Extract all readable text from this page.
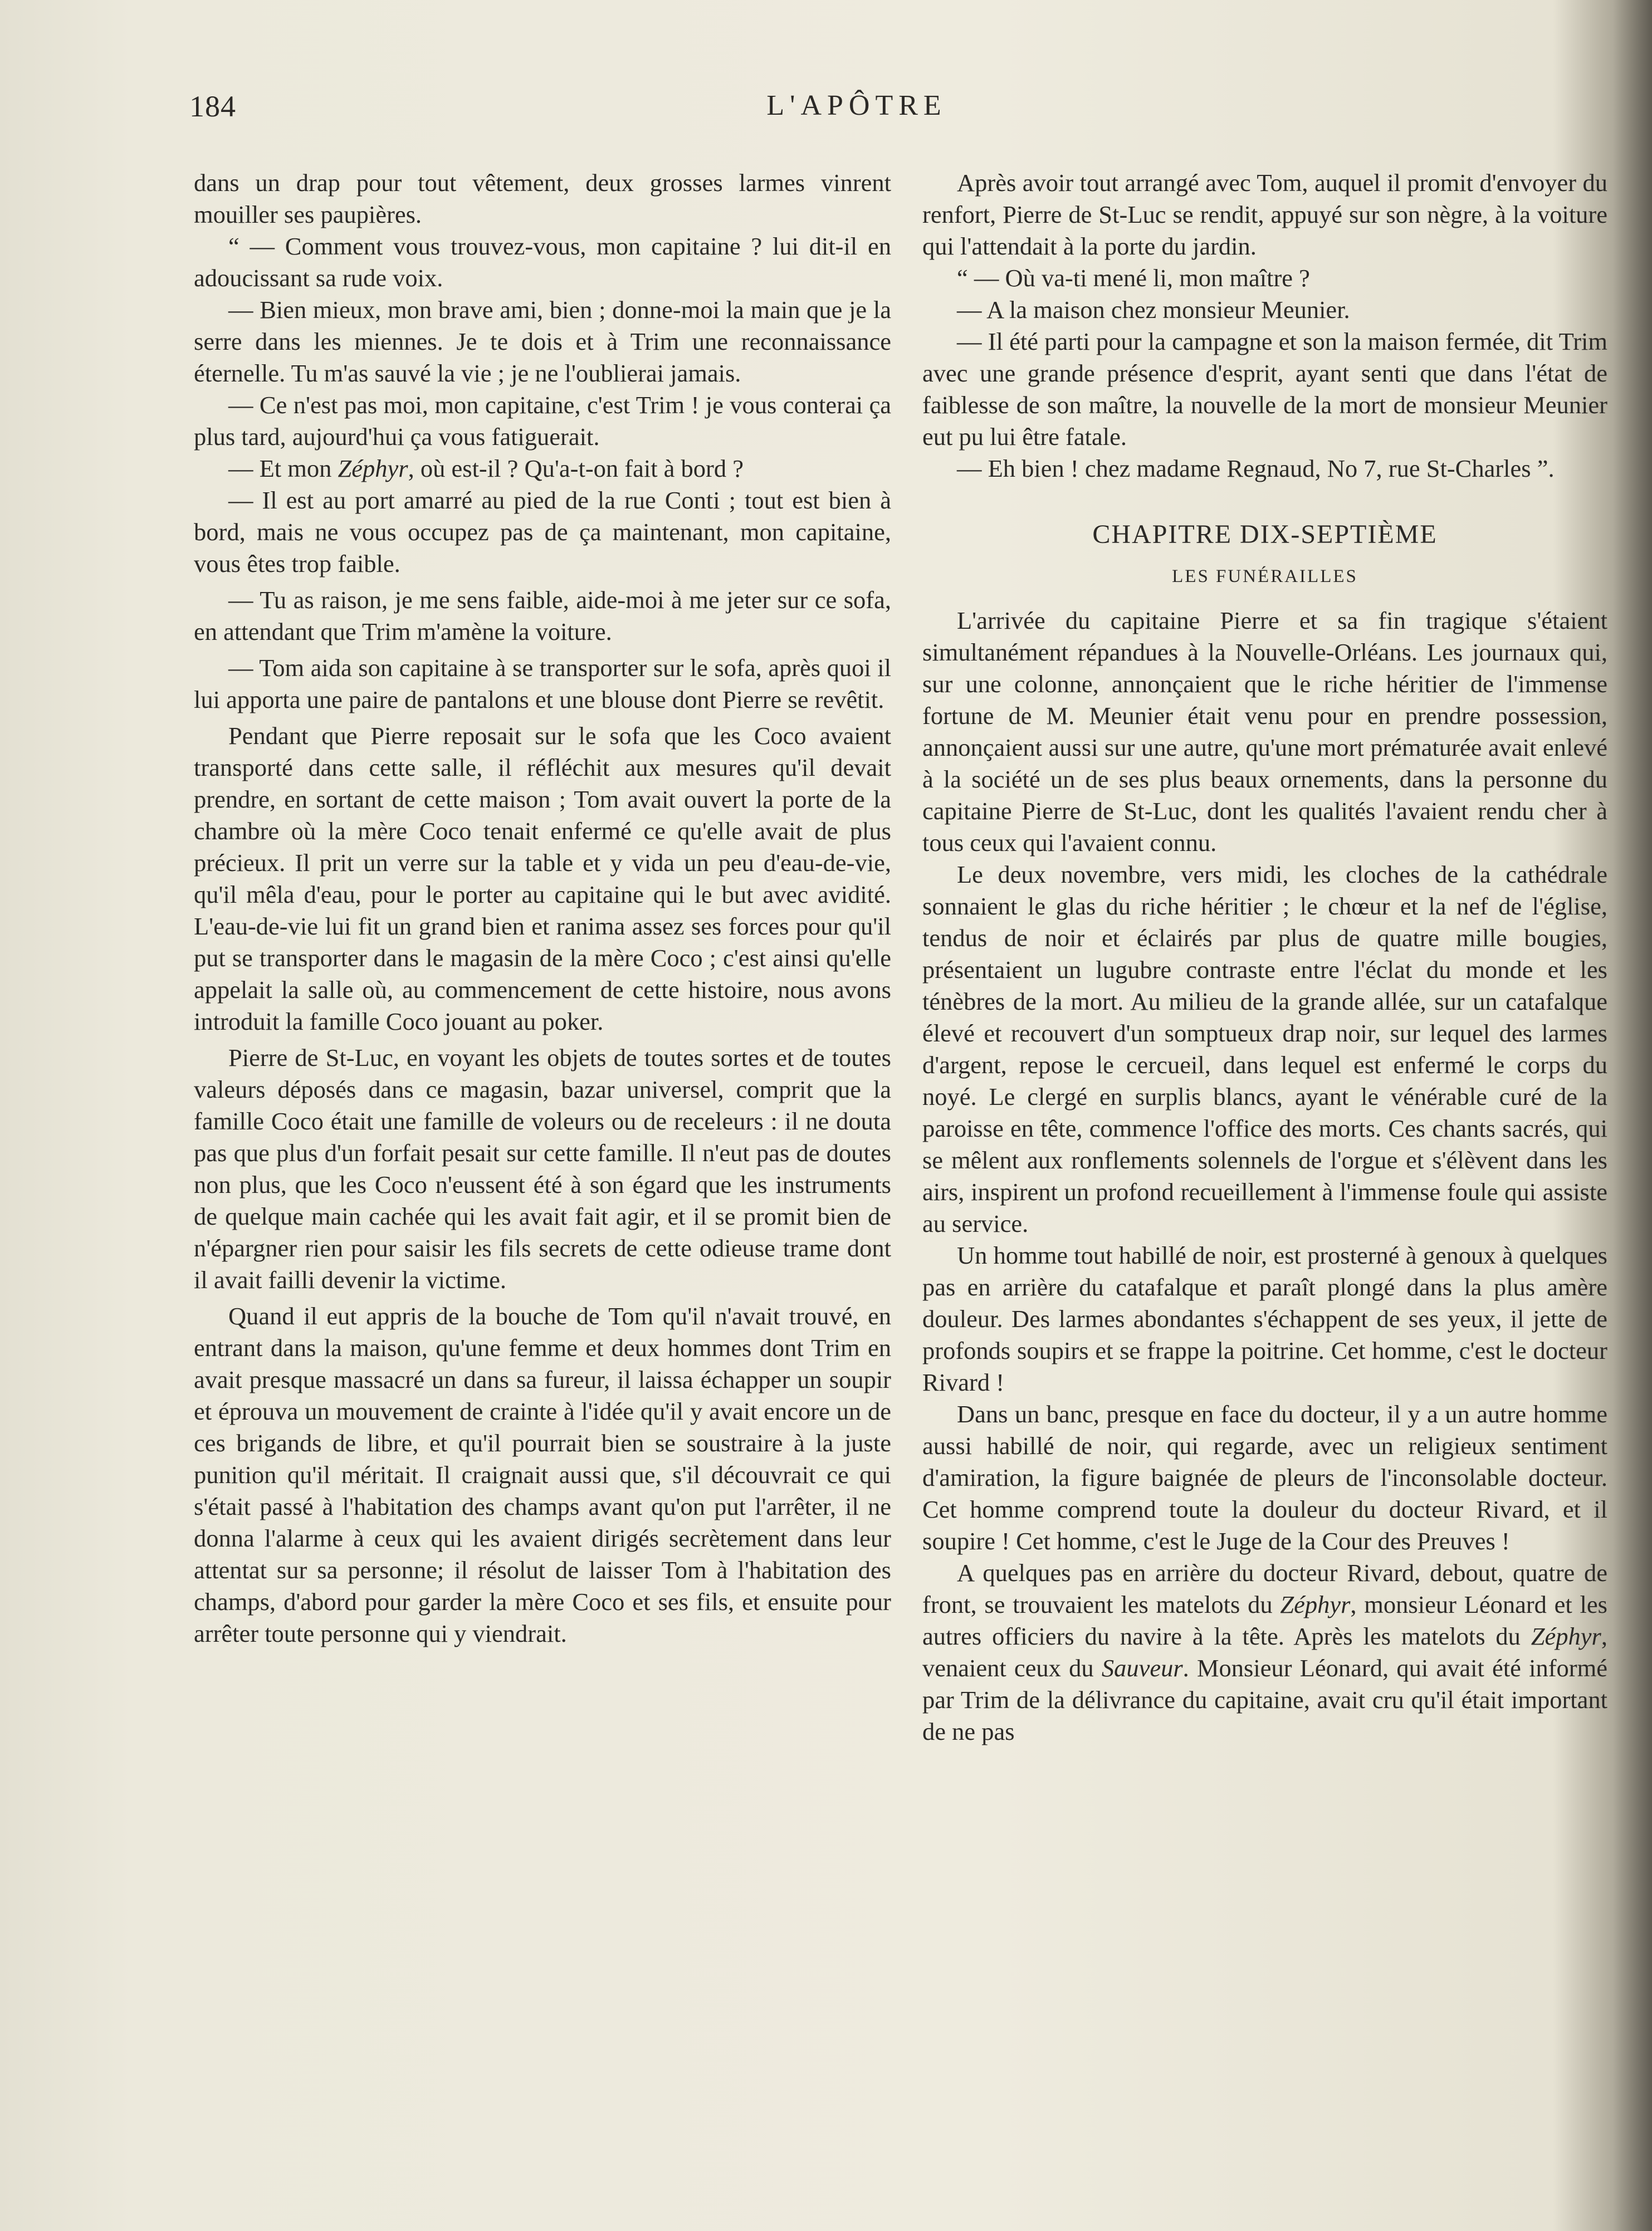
184	L'APÔTRE

dans un drap pour tout vêtement, deux grosses larmes vinrent mouiller ses paupières.

“ — Comment vous trouvez-vous, mon capitaine ? lui dit-il en adoucissant sa rude voix.

— Bien mieux, mon brave ami, bien ; donne-moi la main que je la serre dans les miennes. Je te dois et à Trim une reconnaissance éternelle. Tu m'as sauvé la vie ; je ne l'oublierai jamais.

— Ce n'est pas moi, mon capitaine, c'est Trim ! je vous conterai ça plus tard, aujourd'hui ça vous fatiguerait.

— Et mon Zéphyr, où est-il ? Qu'a-t-on fait à bord ?

— Il est au port amarré au pied de la rue Conti ; tout est bien à bord, mais ne vous occupez pas de ça maintenant, mon capitaine, vous êtes trop faible.

— Tu as raison, je me sens faible, aide-moi à me jeter sur ce sofa, en attendant que Trim m'amène la voiture.

— Tom aida son capitaine à se transporter sur le sofa, après quoi il lui apporta une paire de pantalons et une blouse dont Pierre se revêtit.

Pendant que Pierre reposait sur le sofa que les Coco avaient transporté dans cette salle, il réfléchit aux mesures qu'il devait prendre, en sortant de cette maison ; Tom avait ouvert la porte de la chambre où la mère Coco tenait enfermé ce qu'elle avait de plus précieux. Il prit un verre sur la table et y vida un peu d'eau-de-vie, qu'il mêla d'eau, pour le porter au capitaine qui le but avec avidité. L'eau-de-vie lui fit un grand bien et ranima assez ses forces pour qu'il put se transporter dans le magasin de la mère Coco ; c'est ainsi qu'elle appelait la salle où, au commencement de cette histoire, nous avons introduit la famille Coco jouant au poker.

Pierre de St-Luc, en voyant les objets de toutes sortes et de toutes valeurs déposés dans ce magasin, bazar universel, comprit que la famille Coco était une famille de voleurs ou de receleurs : il ne douta pas que plus d'un forfait pesait sur cette famille. Il n'eut pas de doutes non plus, que les Coco n'eussent été à son égard que les instruments de quelque main cachée qui les avait fait agir, et il se promit bien de n'épargner rien pour saisir les fils secrets de cette odieuse trame dont il avait failli devenir la victime.

Quand il eut appris de la bouche de Tom qu'il n'avait trouvé, en entrant dans la maison, qu'une femme et deux hommes dont Trim en avait presque massacré un dans sa fureur, il laissa échapper un soupir et éprouva un mouvement de crainte à l'idée qu'il y avait encore un de ces brigands de libre, et qu'il pourrait bien se soustraire à la juste punition qu'il méritait. Il craignait aussi que, s'il découvrait ce qui s'était passé à l'habitation des champs avant qu'on put l'arrêter, il ne donna l'alarme à ceux qui les avaient dirigés secrètement dans leur attentat sur sa personne; il résolut de laisser Tom à l'habitation des champs, d'abord pour garder la mère Coco et ses fils, et ensuite pour arrêter toute personne qui y viendrait.

Après avoir tout arrangé avec Tom, auquel il promit d'envoyer du renfort, Pierre de St-Luc se rendit, appuyé sur son nègre, à la voiture qui l'attendait à la porte du jardin.

“ — Où va-ti mené li, mon maître ?

— A la maison chez monsieur Meunier.

— Il été parti pour la campagne et son la maison fermée, dit Trim avec une grande présence d'esprit, ayant senti que dans l'état de faiblesse de son maître, la nouvelle de la mort de monsieur Meunier eut pu lui être fatale.

— Eh bien ! chez madame Regnaud, No 7, rue St-Charles ”.

CHAPITRE DIX-SEPTIÈME
LES FUNÉRAILLES

L'arrivée du capitaine Pierre et sa fin tragique s'étaient simultanément répandues à la Nouvelle-Orléans. Les journaux qui, sur une colonne, annonçaient que le riche héritier de l'immense fortune de M. Meunier était venu pour en prendre possession, annonçaient aussi sur une autre, qu'une mort prématurée avait enlevé à la société un de ses plus beaux ornements, dans la personne du capitaine Pierre de St-Luc, dont les qualités l'avaient rendu cher à tous ceux qui l'avaient connu.

Le deux novembre, vers midi, les cloches de la cathédrale sonnaient le glas du riche héritier ; le chœur et la nef de l'église, tendus de noir et éclairés par plus de quatre mille bougies, présentaient un lugubre contraste entre l'éclat du monde et les ténèbres de la mort. Au milieu de la grande allée, sur un catafalque élevé et recouvert d'un somptueux drap noir, sur lequel des larmes d'argent, repose le cercueil, dans lequel est enfermé le corps du noyé. Le clergé en surplis blancs, ayant le vénérable curé de la paroisse en tête, commence l'office des morts. Ces chants sacrés, qui se mêlent aux ronflements solennels de l'orgue et s'élèvent dans les airs, inspirent un profond recueillement à l'immense foule qui assiste au service.

Un homme tout habillé de noir, est prosterné à genoux à quelques pas en arrière du catafalque et paraît plongé dans la plus amère douleur. Des larmes abondantes s'échappent de ses yeux, il jette de profonds soupirs et se frappe la poitrine. Cet homme, c'est le docteur Rivard !

Dans un banc, presque en face du docteur, il y a un autre homme aussi habillé de noir, qui regarde, avec un religieux sentiment d'amiration, la figure baignée de pleurs de l'inconsolable docteur. Cet homme comprend toute la douleur du docteur Rivard, et il soupire ! Cet homme, c'est le Juge de la Cour des Preuves !

A quelques pas en arrière du docteur Rivard, debout, quatre de front, se trouvaient les matelots du Zéphyr, monsieur Léonard et les autres officiers du navire à la tête. Après les matelots du Zéphyr, venaient ceux du Sauveur. Monsieur Léonard, qui avait été informé par Trim de la délivrance du capitaine, avait cru qu'il était important de ne pas
